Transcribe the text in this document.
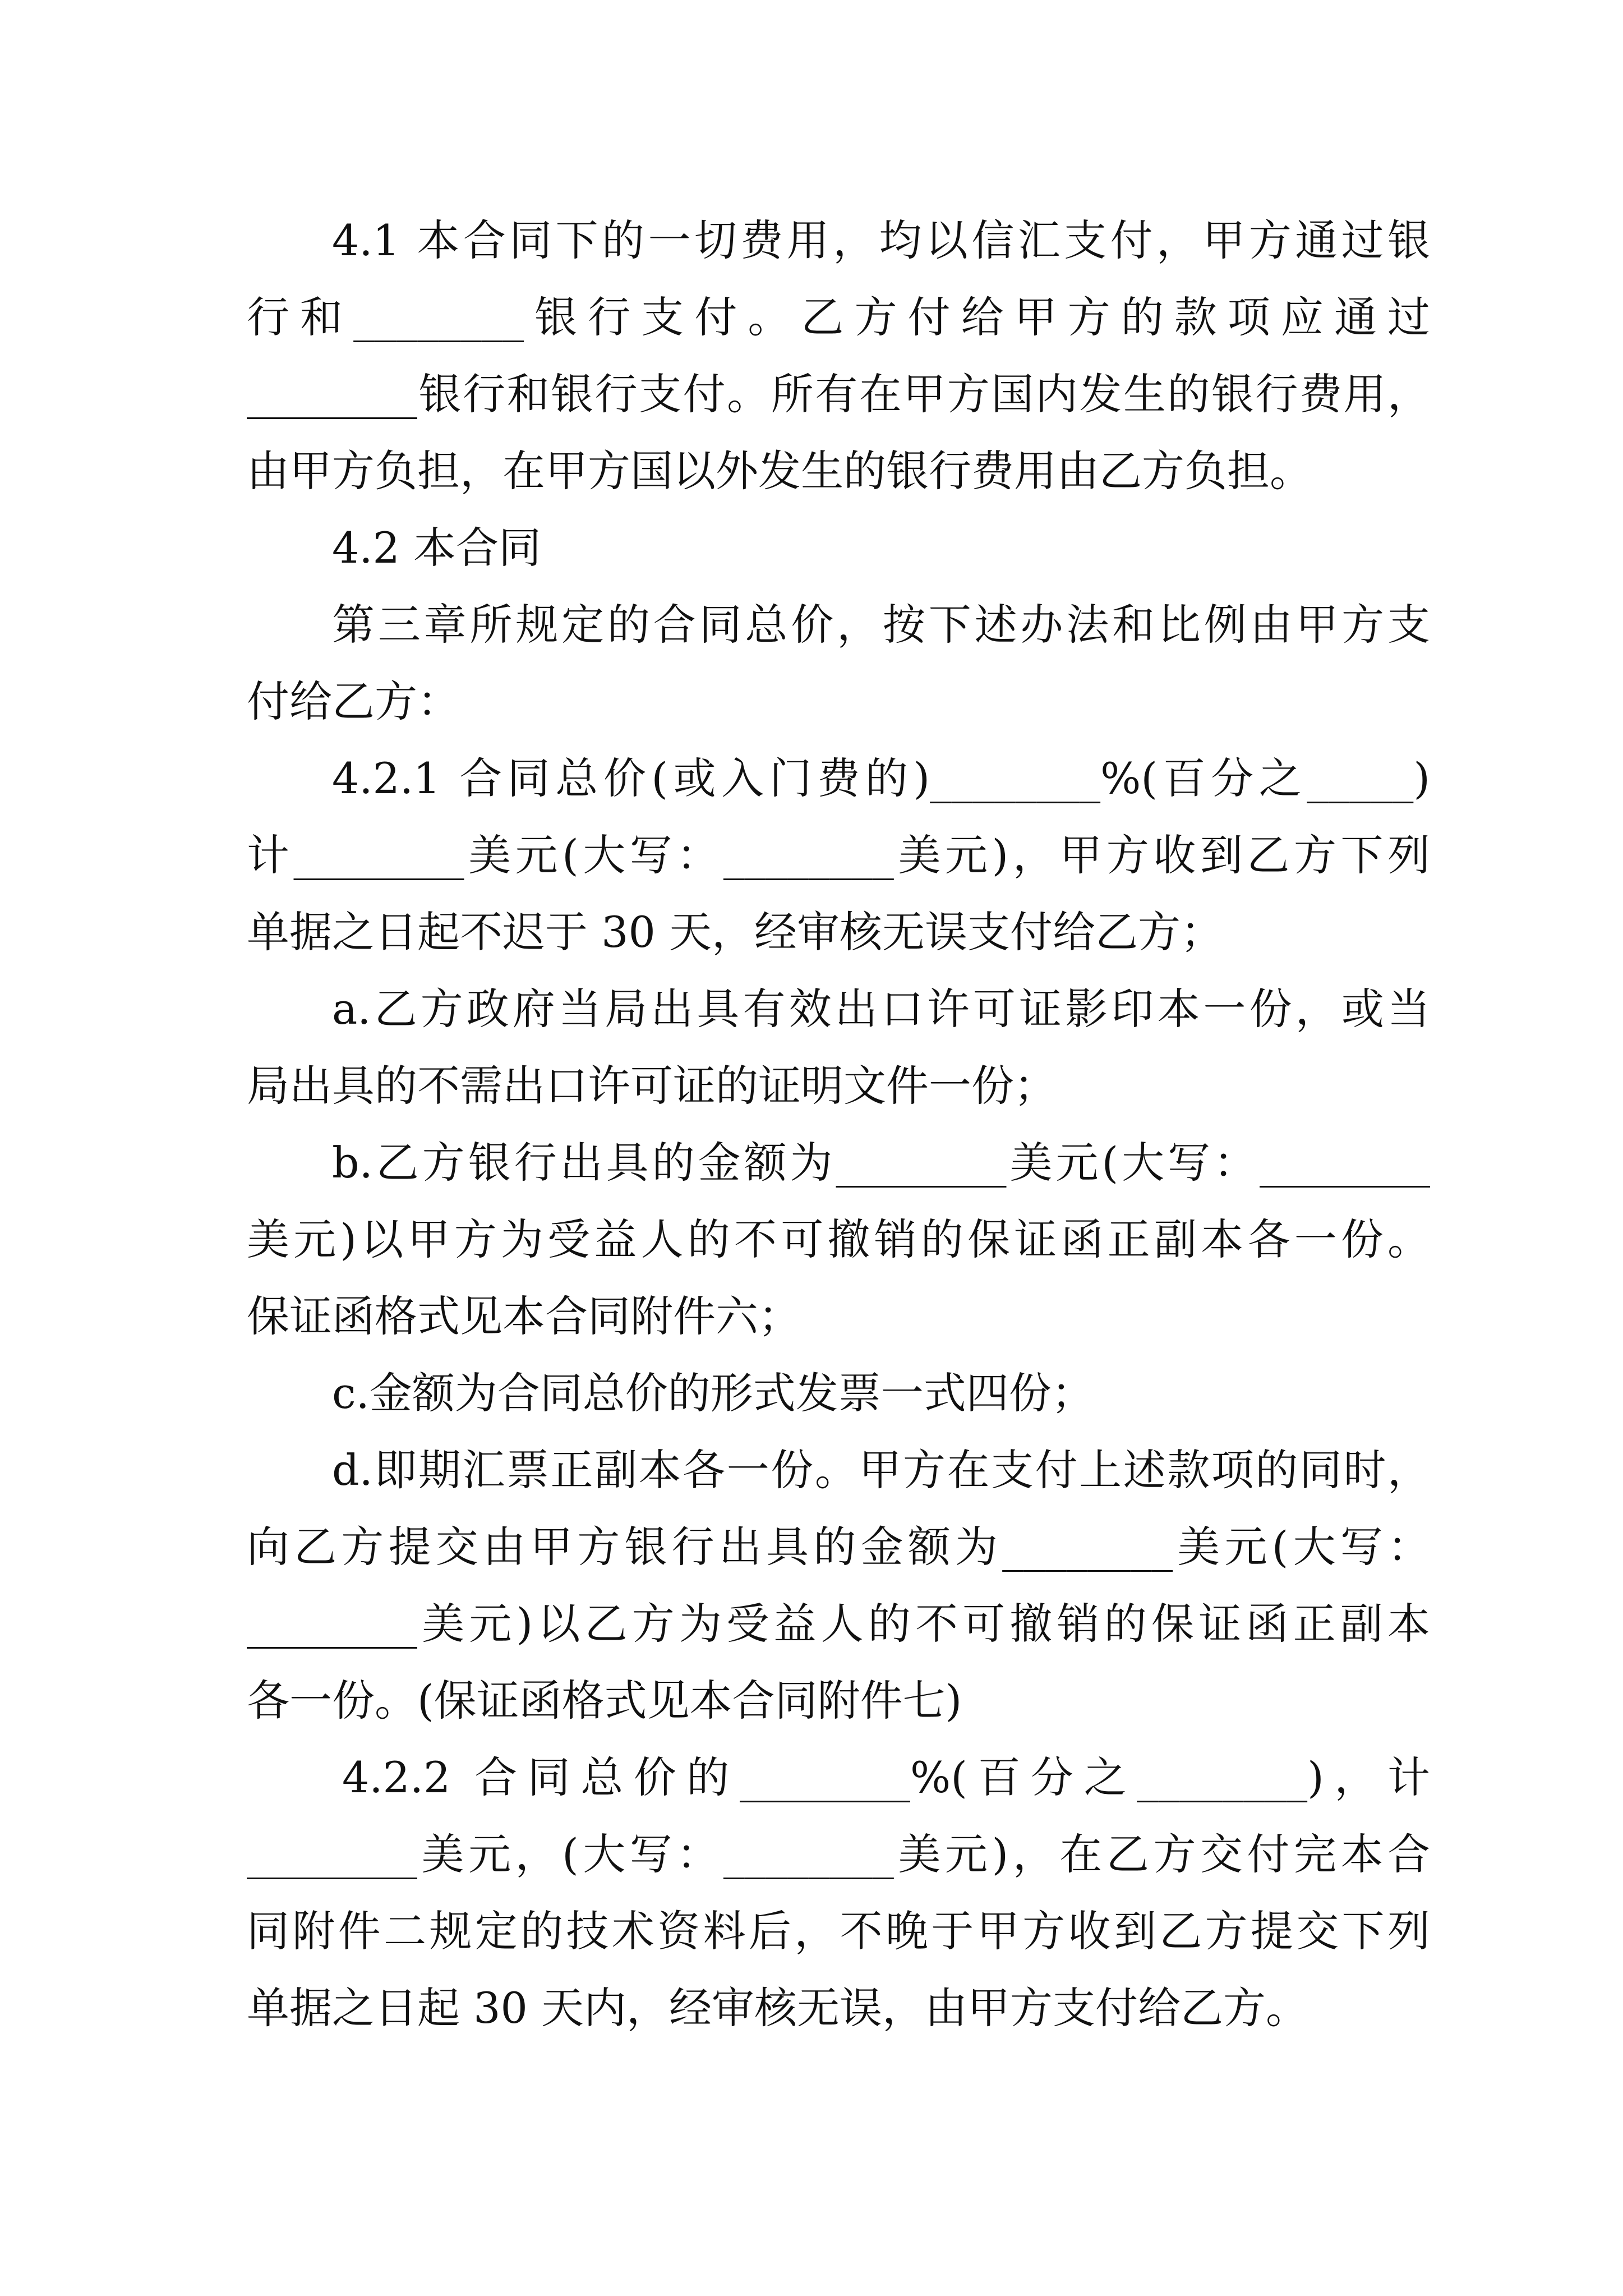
4.1 本合同下的一切费用，均以信汇支付，甲方通过银
行和________银行支付。乙方付给甲方的款项应通过
________银行和银行支付。所有在甲方国内发生的银行费用，
由甲方负担，在甲方国以外发生的银行费用由乙方负担。
4.2 本合同
第三章所规定的合同总价，按下述办法和比例由甲方支
付给乙方：
4.2.1 合同总价(或入门费的)________%(百分之_____)
计________美元(大写：________美元)，甲方收到乙方下列
单据之日起不迟于 30 天，经审核无误支付给乙方；
a.乙方政府当局出具有效出口许可证影印本一份，或当
局出具的不需出口许可证的证明文件一份；
b.乙方银行出具的金额为________美元(大写：________
美元)以甲方为受益人的不可撤销的保证函正副本各一份。
保证函格式见本合同附件六；
c.金额为合同总价的形式发票一式四份；
d.即期汇票正副本各一份。甲方在支付上述款项的同时，
向乙方提交由甲方银行出具的金额为________美元(大写：
________美元)以乙方为受益人的不可撤销的保证函正副本
各一份。(保证函格式见本合同附件七)
4.2.2 合同总价的________%(百分之________)，计
________美元，(大写：________美元)，在乙方交付完本合
同附件二规定的技术资料后，不晚于甲方收到乙方提交下列
单据之日起 30 天内，经审核无误，由甲方支付给乙方。
